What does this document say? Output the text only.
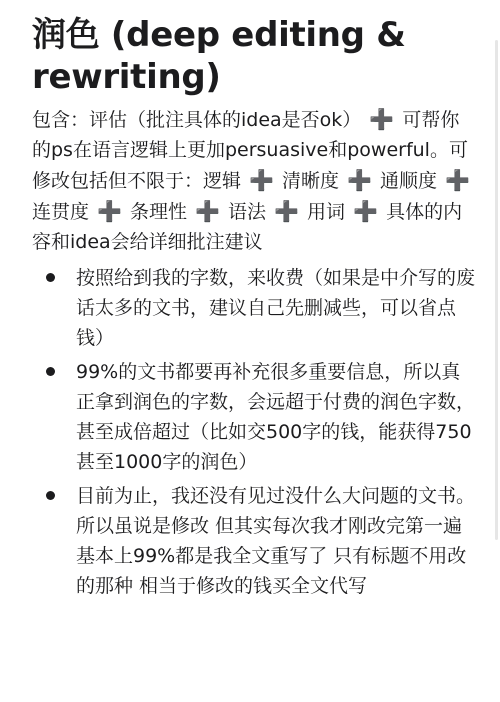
润色 (deep editing & rewriting)

包含：评估（批注具体的idea是否ok） ➕ 可帮你的ps在语言逻辑上更加persuasive和powerful。可修改包括但不限于：逻辑 ➕ 清晰度 ➕ 通顺度 ➕ 连贯度 ➕ 条理性 ➕ 语法 ➕ 用词 ➕ 具体的内容和idea会给详细批注建议

按照给到我的字数，来收费（如果是中介写的废话太多的文书，建议自己先删减些，可以省点钱）
99%的文书都要再补充很多重要信息，所以真正拿到润色的字数，会远超于付费的润色字数，甚至成倍超过（比如交500字的钱，能获得750甚至1000字的润色）
目前为止，我还没有见过没什么大问题的文书。所以虽说是修改 但其实每次我才刚改完第一遍 基本上99%都是我全文重写了 只有标题不用改的那种 相当于修改的钱买全文代写
